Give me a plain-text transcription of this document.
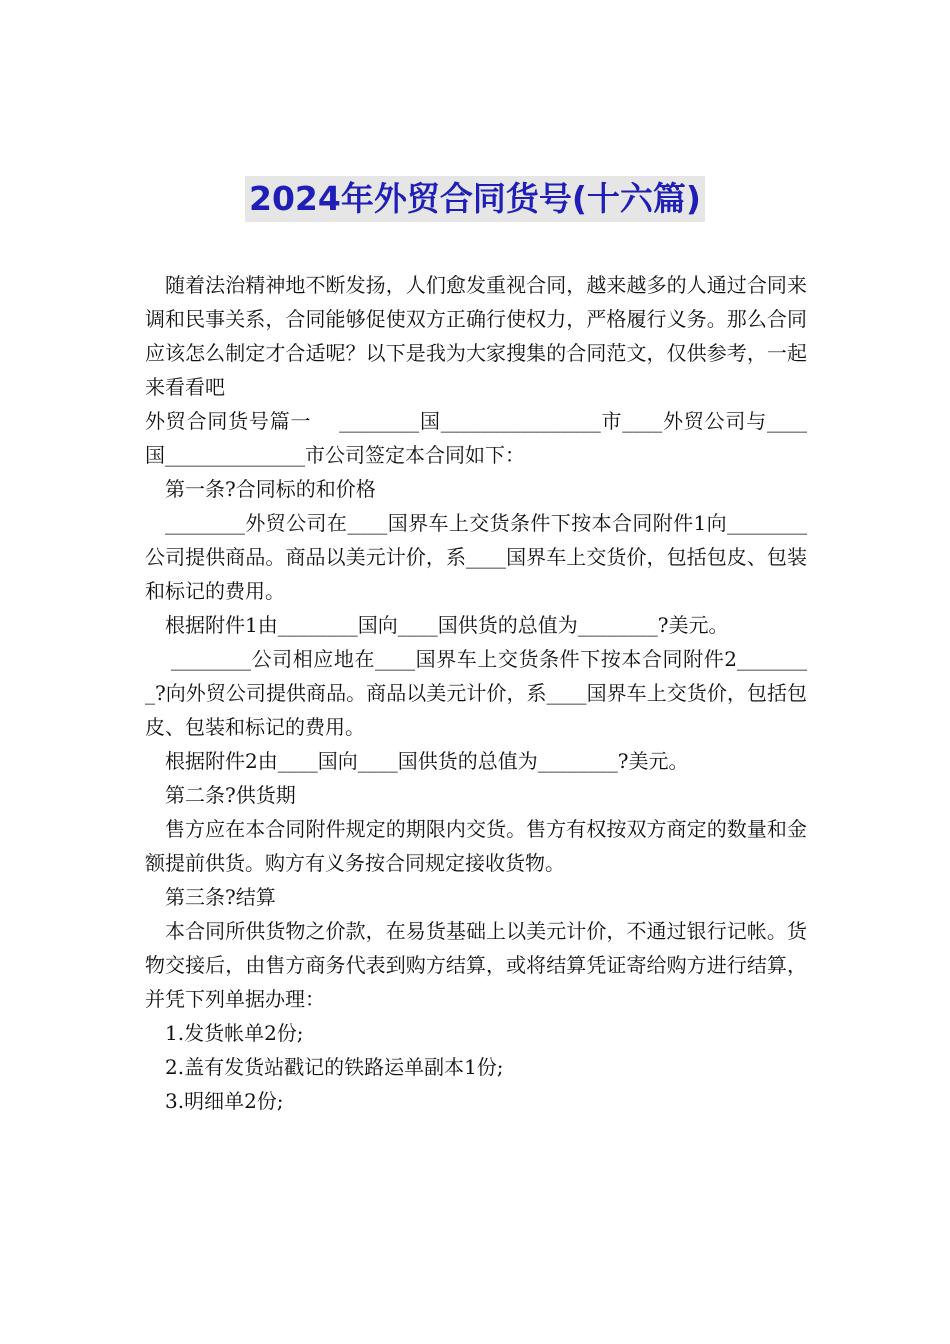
2024年外贸合同货号(十六篇)

随着法治精神地不断发扬，人们愈发重视合同，越来越多的人通过合同来调和民事关系，合同能够促使双方正确行使权力，严格履行义务。那么合同应该怎么制定才合适呢？以下是我为大家搜集的合同范文，仅供参考，一起来看看吧

外贸合同货号篇一　 ________国________________市____外贸公司与____国______________市公司签定本合同如下：

第一条?合同标的和价格

________外贸公司在____国界车上交货条件下按本合同附件1向________公司提供商品。商品以美元计价，系____国界车上交货价，包括包皮、包装和标记的费用。

根据附件1由________国向____国供货的总值为________?美元。

________公司相应地在____国界车上交货条件下按本合同附件2________?向外贸公司提供商品。商品以美元计价，系____国界车上交货价，包括包皮、包装和标记的费用。

根据附件2由____国向____国供货的总值为________?美元。

第二条?供货期

售方应在本合同附件规定的期限内交货。售方有权按双方商定的数量和金额提前供货。购方有义务按合同规定接收货物。

第三条?结算

本合同所供货物之价款，在易货基础上以美元计价，不通过银行记帐。货物交接后，由售方商务代表到购方结算，或将结算凭证寄给购方进行结算，并凭下列单据办理：

1.发货帐单2份;

2.盖有发货站戳记的铁路运单副本1份;

3.明细单2份;
